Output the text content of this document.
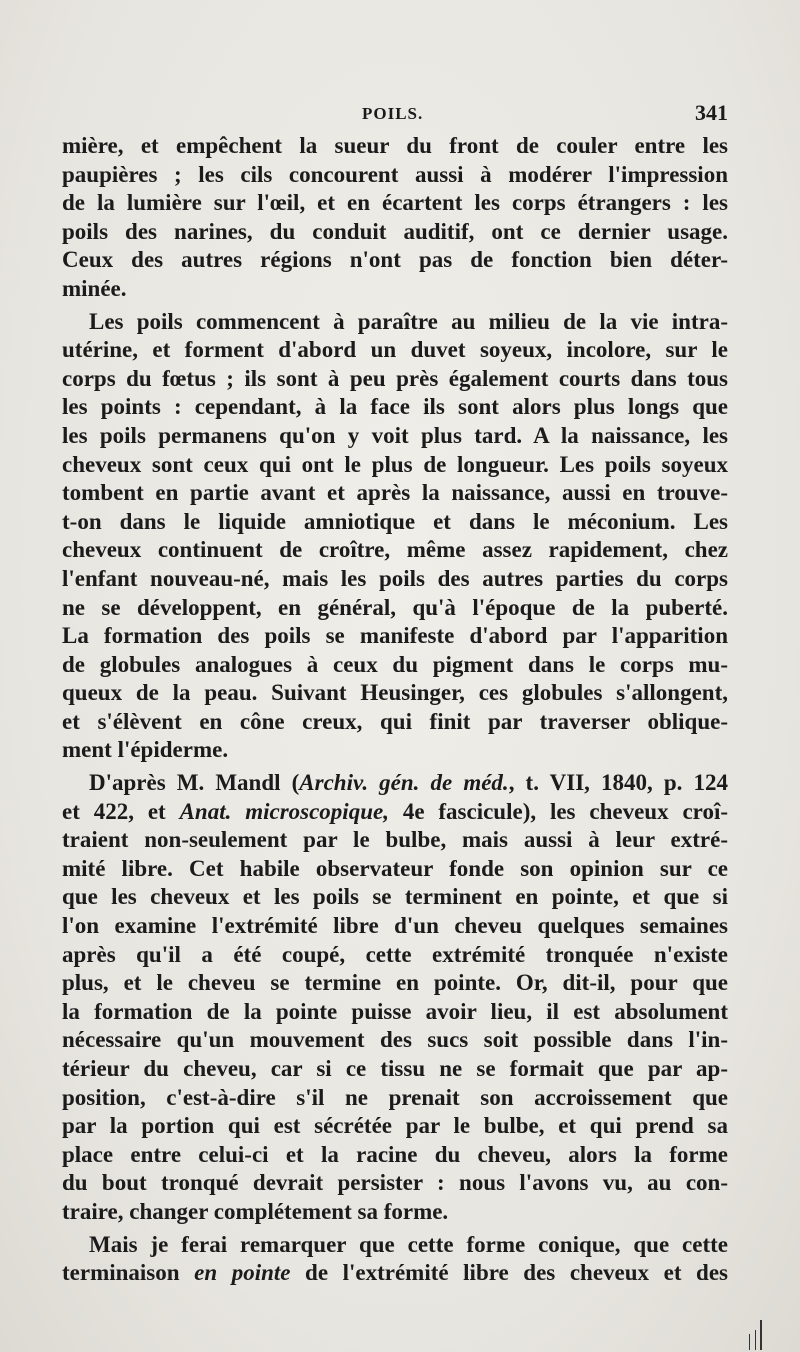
POILS.	341
mière, et empêchent la sueur du front de couler entre les
paupières ; les cils concourent aussi à modérer l'impression
de la lumière sur l'œil, et en écartent les corps étrangers : les
poils des narines, du conduit auditif, ont ce dernier usage.
Ceux des autres régions n'ont pas de fonction bien déter-
minée.
Les poils commencent à paraître au milieu de la vie intra-
utérine, et forment d'abord un duvet soyeux, incolore, sur le
corps du fœtus ; ils sont à peu près également courts dans tous
les points : cependant, à la face ils sont alors plus longs que
les poils permanens qu'on y voit plus tard. A la naissance, les
cheveux sont ceux qui ont le plus de longueur. Les poils soyeux
tombent en partie avant et après la naissance, aussi en trouve-
t-on dans le liquide amniotique et dans le méconium. Les
cheveux continuent de croître, même assez rapidement, chez
l'enfant nouveau-né, mais les poils des autres parties du corps
ne se développent, en général, qu'à l'époque de la puberté.
La formation des poils se manifeste d'abord par l'apparition
de globules analogues à ceux du pigment dans le corps mu-
queux de la peau. Suivant Heusinger, ces globules s'allongent,
et s'élèvent en cône creux, qui finit par traverser oblique-
ment l'épiderme.
D'après M. Mandl (Archiv. gén. de méd., t. VII, 1840, p. 124
et 422, et Anat. microscopique, 4e fascicule), les cheveux croî-
traient non-seulement par le bulbe, mais aussi à leur extré-
mité libre. Cet habile observateur fonde son opinion sur ce
que les cheveux et les poils se terminent en pointe, et que si
l'on examine l'extrémité libre d'un cheveu quelques semaines
après qu'il a été coupé, cette extrémité tronquée n'existe
plus, et le cheveu se termine en pointe. Or, dit-il, pour que
la formation de la pointe puisse avoir lieu, il est absolument
nécessaire qu'un mouvement des sucs soit possible dans l'in-
térieur du cheveu, car si ce tissu ne se formait que par ap-
position, c'est-à-dire s'il ne prenait son accroissement que
par la portion qui est sécrétée par le bulbe, et qui prend sa
place entre celui-ci et la racine du cheveu, alors la forme
du bout tronqué devrait persister : nous l'avons vu, au con-
traire, changer complétement sa forme.
Mais je ferai remarquer que cette forme conique, que cette
terminaison en pointe de l'extrémité libre des cheveux et des
